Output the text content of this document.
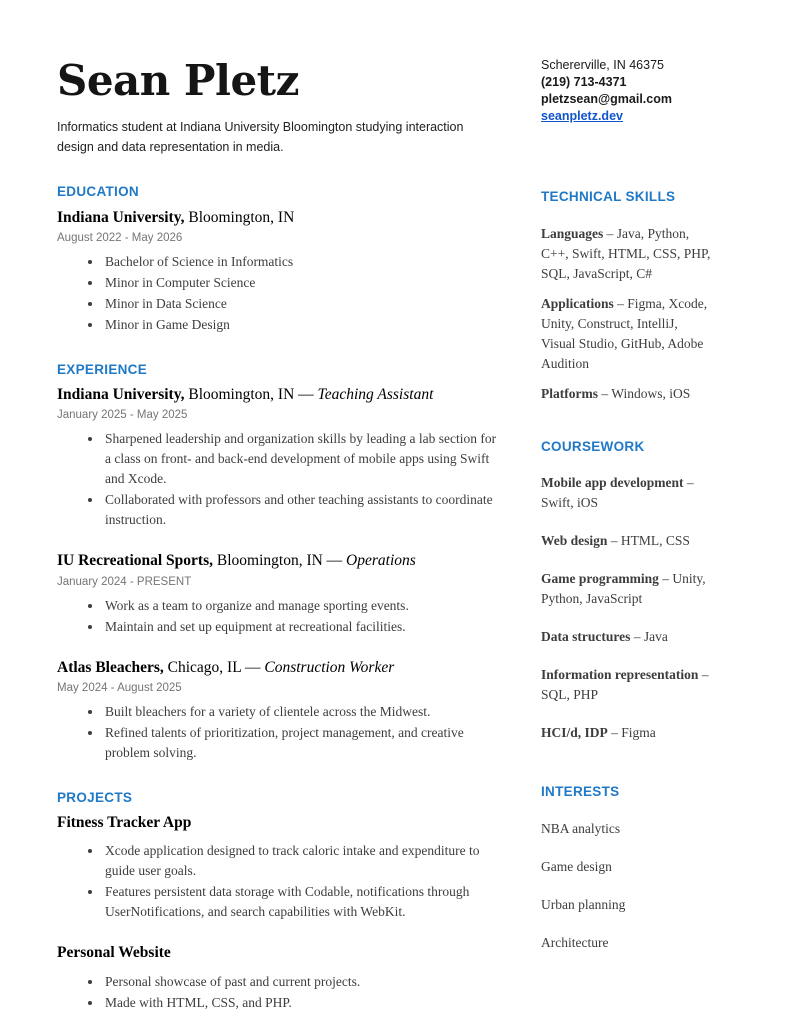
Sean Pletz

Informatics student at Indiana University Bloomington studying interaction design and data representation in media.

EDUCATION
Indiana University, Bloomington, IN
August 2022 - May 2026
• Bachelor of Science in Informatics
• Minor in Computer Science
• Minor in Data Science
• Minor in Game Design
EXPERIENCE
Indiana University, Bloomington, IN — Teaching Assistant
January 2025 - May 2025
• Sharpened leadership and organization skills by leading a lab section for a class on front- and back-end development of mobile apps using Swift and Xcode.
• Collaborated with professors and other teaching assistants to coordinate instruction.
IU Recreational Sports, Bloomington, IN — Operations
January 2024 - PRESENT
• Work as a team to organize and manage sporting events.
• Maintain and set up equipment at recreational facilities.
Atlas Bleachers, Chicago, IL — Construction Worker
May 2024 - August 2025
• Built bleachers for a variety of clientele across the Midwest.
• Refined talents of prioritization, project management, and creative problem solving.
PROJECTS
Fitness Tracker App
• Xcode application designed to track caloric intake and expenditure to guide user goals.
• Features persistent data storage with Codable, notifications through UserNotifications, and search capabilities with WebKit.
Personal Website
• Personal showcase of past and current projects.
• Made with HTML, CSS, and PHP.
Schererville, IN 46375
(219) 713-4371
pletzsean@gmail.com
seanpletz.dev
TECHNICAL SKILLS

Languages – Java, Python, C++, Swift, HTML, CSS, PHP, SQL, JavaScript, C#

Applications – Figma, Xcode, Unity, Construct, IntelliJ, Visual Studio, GitHub, Adobe Audition

Platforms – Windows, iOS

COURSEWORK

Mobile app development – Swift, iOS

Web design – HTML, CSS

Game programming – Unity, Python, JavaScript

Data structures – Java

Information representation – SQL, PHP

HCI/d, IDP – Figma

INTERESTS

NBA analytics

Game design

Urban planning

Architecture
